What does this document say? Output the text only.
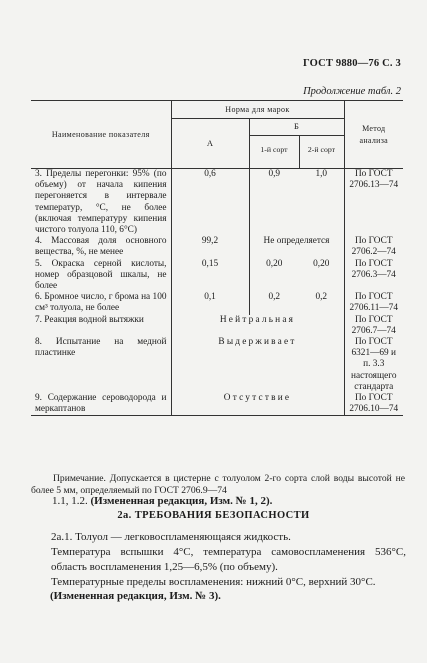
ГОСТ 9880—76 С. 3
Продолжение табл. 2
Наименование показателя	Норма для марок			Метод анализа
	А	Б		
		1-й сорт	2-й сорт	
3. Пределы перегонки: 95% (по объему) от начала кипения перегоняется в интервале температур, °С, не более (включая температуру кипения чистого толуола 110, 6°С)	0,6	0,9	1,0	По ГОСТ 2706.13—74
4. Массовая доля основного вещества, %, не менее	99,2	Не определяется		По ГОСТ 2706.2—74
5. Окраска серной кислоты, номер образцовой шкалы, не более	0,15	0,20	0,20	По ГОСТ 2706.3—74
6. Бромное число, г брома на 100 см³ толуола, не более	0,1	0,2	0,2	По ГОСТ 2706.11—74
7. Реакция водной вытяжки	Нейтральная			По ГОСТ 2706.7—74
8. Испытание на медной пластинке	Выдерживает			По ГОСТ 6321—69 и п. 3.3 настоящего стандарта
9. Содержание сероводорода и меркаптанов	Отсутствие			По ГОСТ 2706.10—74
Примечание. Допускается в цистерне с толуолом 2-го сорта слой воды высотой не более 5 мм, определяемый по ГОСТ 2706.9—74
1.1, 1.2. (Измененная редакция, Изм. № 1, 2).
2а. ТРЕБОВАНИЯ БЕЗОПАСНОСТИ
2а.1. Толуол — легковоспламеняющаяся жидкость.
Температура вспышки 4°С, температура самовоспламенения 536°С, область воспламенения 1,25—6,5% (по объему).
Температурные пределы воспламенения: нижний 0°С, верхний 30°С.
(Измененная редакция, Изм. № 3).
